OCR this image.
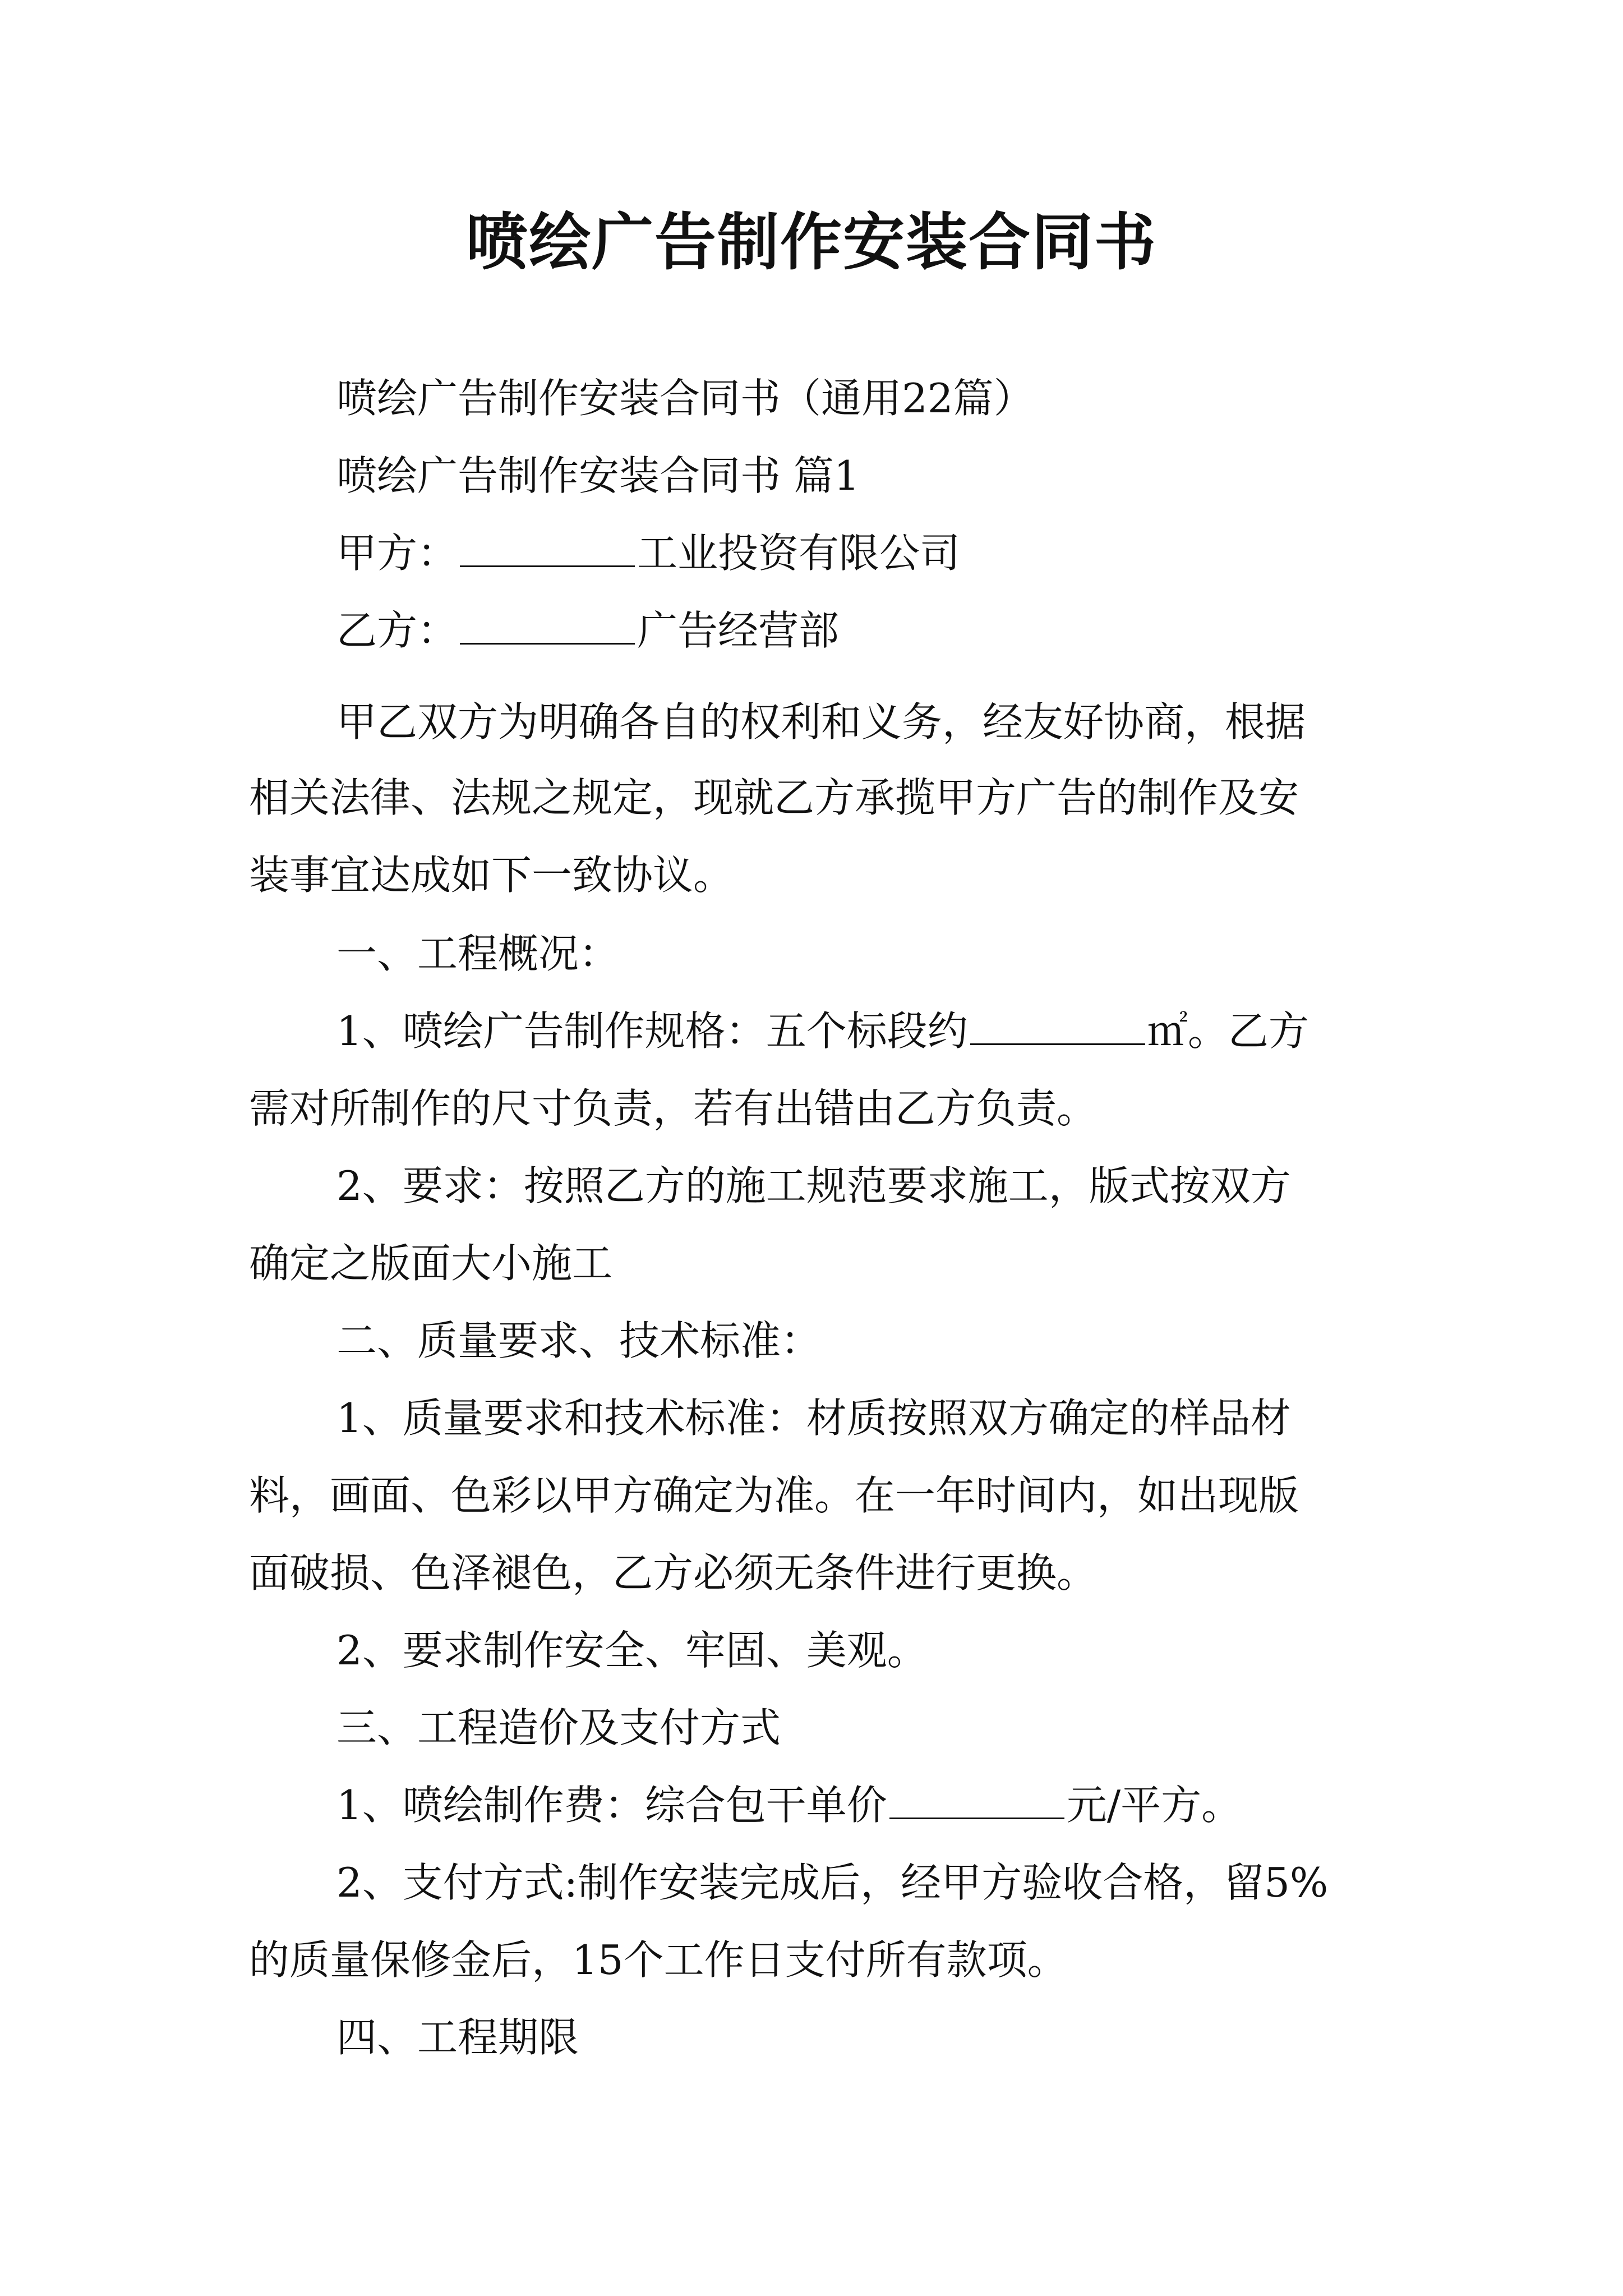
喷绘广告制作安装合同书
喷绘广告制作安装合同书（通用22篇）
喷绘广告制作安装合同书 篇1
甲方：	工业投资有限公司
乙方：	广告经营部
甲乙双方为明确各自的权利和义务，经友好协商，根据
相关法律、法规之规定，现就乙方承揽甲方广告的制作及安
装事宜达成如下一致协议。
一、工程概况：
1、喷绘广告制作规格：五个标段约	㎡。乙方
需对所制作的尺寸负责，若有出错由乙方负责。
2、要求：按照乙方的施工规范要求施工，版式按双方
确定之版面大小施工
二、质量要求、技术标准：
1、质量要求和技术标准：材质按照双方确定的样品材
料，画面、色彩以甲方确定为准。在一年时间内，如出现版
面破损、色泽褪色，乙方必须无条件进行更换。
2、要求制作安全、牢固、美观。
三、工程造价及支付方式
1、喷绘制作费：综合包干单价	元/平方。
2、支付方式:制作安装完成后，经甲方验收合格，留5%
的质量保修金后，15个工作日支付所有款项。
四、工程期限
